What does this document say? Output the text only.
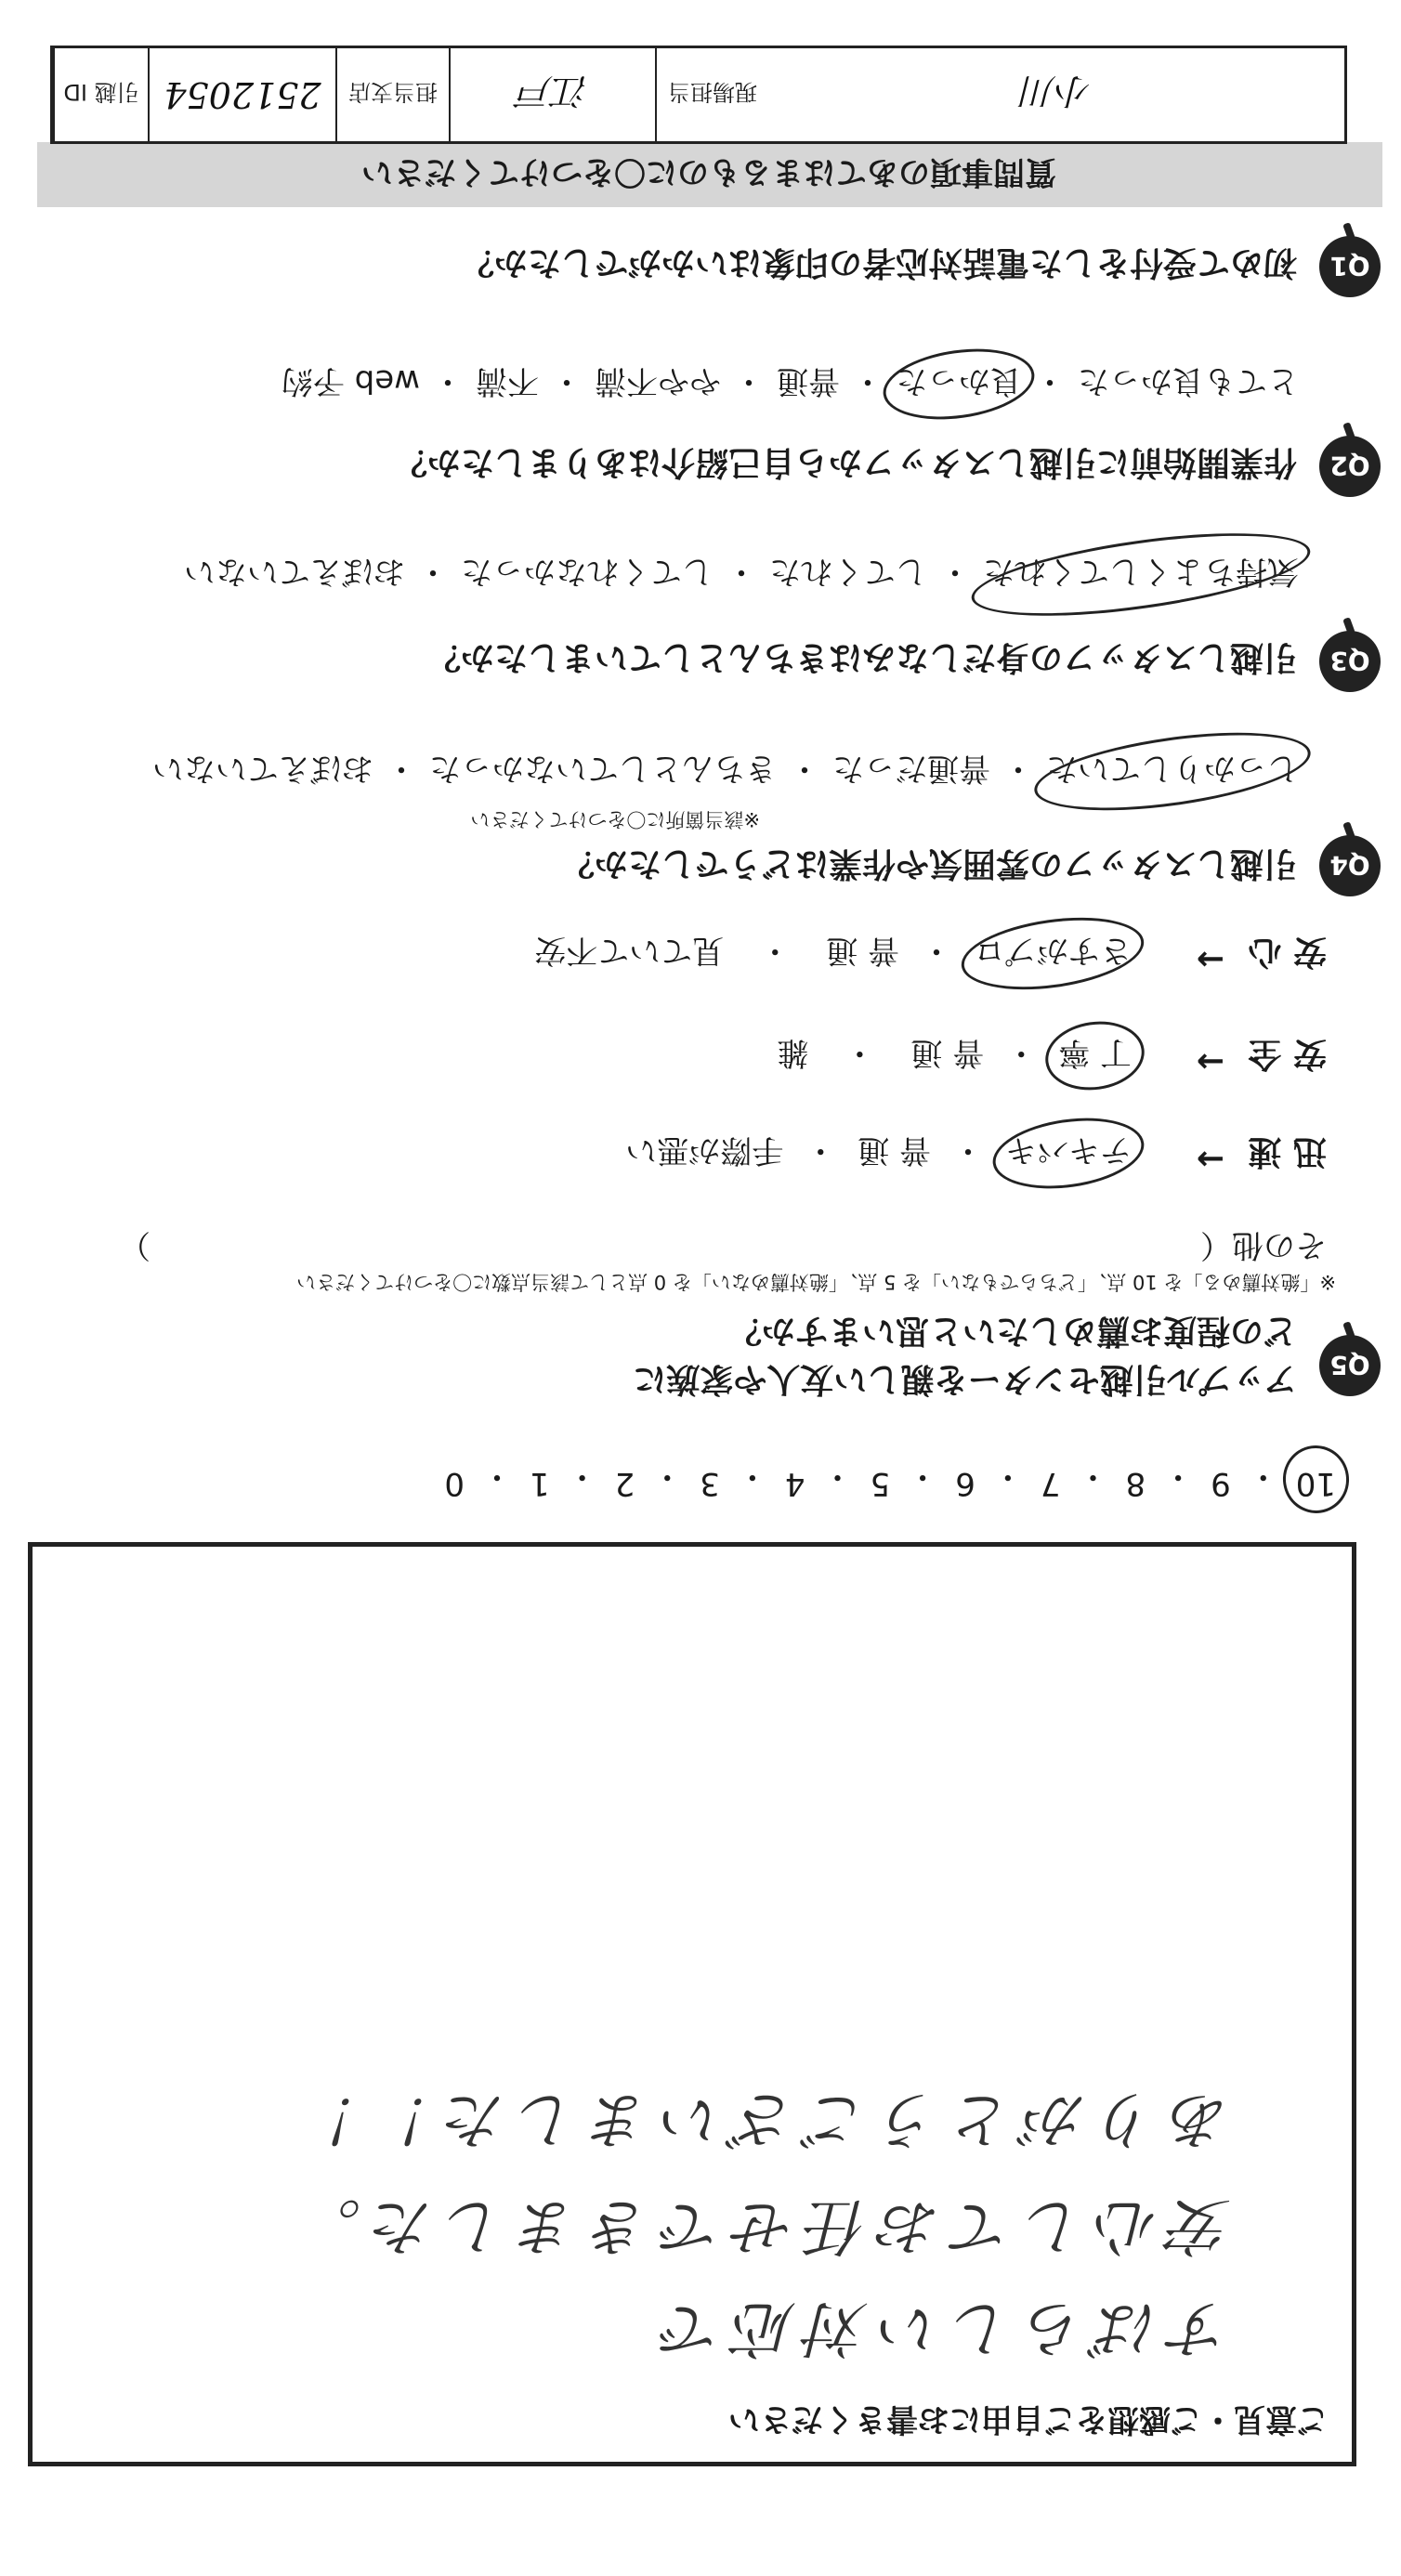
質問事項のあてはまるものに〇をつけてください
Q1
初めて受付をした電話対応者の印象はいかがでしたか？
とても良かった
・
良かった
・
普通
・
やや不満
・
不満
・
web 予約
Q2
作業開始前に引越しスタッフから自己紹介はありましたか？
気持ちよくしてくれた
・
してくれた
・
してくれなかった
・
おぼえていない
Q3
引越しスタッフの身だしなみはきちんとしていましたか？
しっかりしていた
・
普通だった
・
きちんとしていなかった
・
おぼえていない
Q4
引越しスタッフの雰囲気や作業はどうでしたか？
※該当箇所に〇をつけてください
安 心
→
さすがプロ
・
普 通
・
見ていて不安
安 全
→
丁 寧
・
普 通
・
雑
迅 速
→
テキパキ
・
普 通
・
手際が悪い
その他（
）
Q5
アップル引越センターを親しい友人や家族に
どの程度お薦めしたいと思いますか？
※「絶対薦める」を 10 点、「どちらでもない」を 5 点、「絶対薦めない」を 0 点として該当点数に〇をつけてください
10
・
9
・
8
・
7
・
6
・
5
・
4
・
3
・
2
・
1
・
0
ご意見・ご感想をご自由にお書きください
すばらしい対応で
安心してお任せできました。
ありがとうございました！！
引越 ID 2512054	担当支店	江戸	現場担当	小川
